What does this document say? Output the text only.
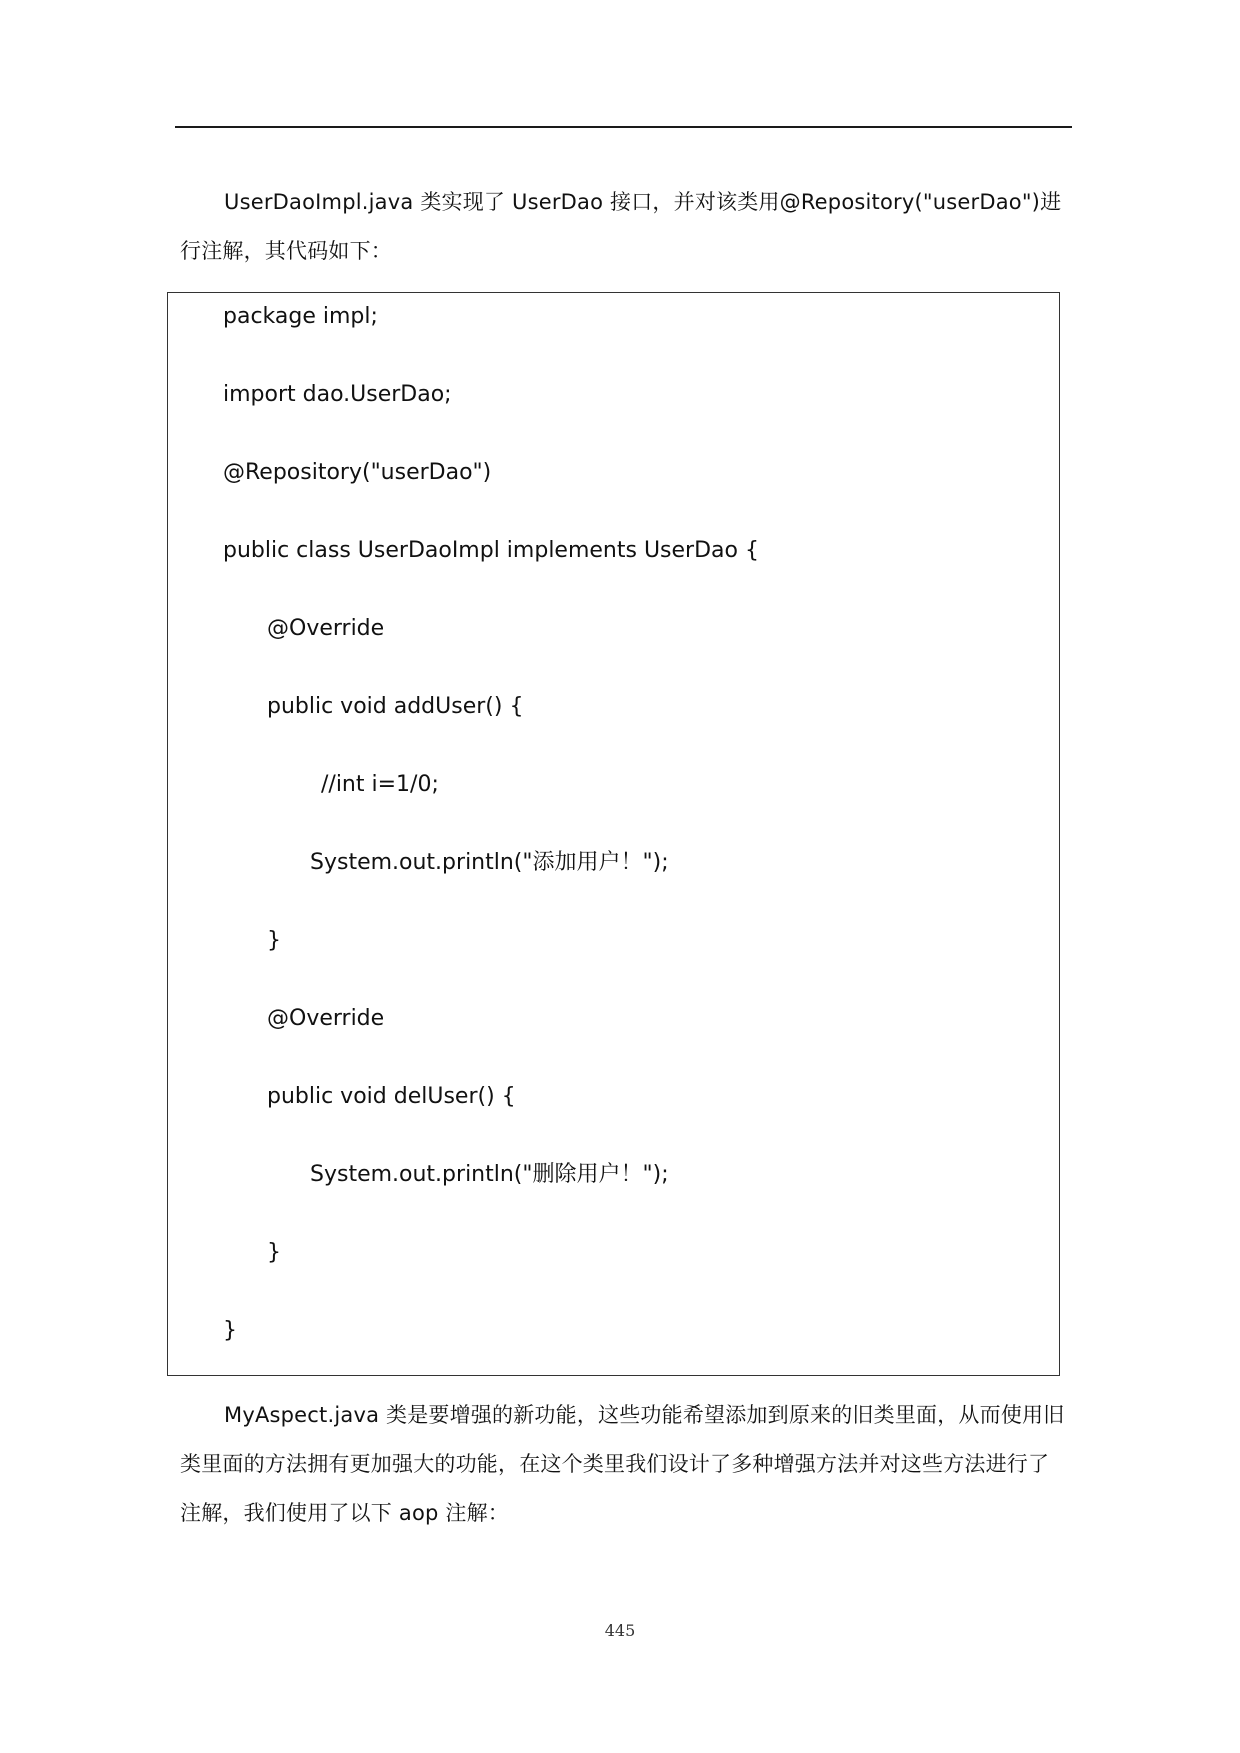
UserDaoImpl.java 类实现了 UserDao 接口，并对该类用@Repository("userDao")进行注解，其代码如下：

package impl;
import dao.UserDao;
@Repository("userDao")
public class UserDaoImpl implements UserDao {
@Override
public void addUser() {
//int i=1/0;
System.out.println("添加用户！");
}
@Override
public void delUser() {
System.out.println("删除用户！");
}
}

MyAspect.java 类是要增强的新功能，这些功能希望添加到原来的旧类里面，从而使用旧类里面的方法拥有更加强大的功能，在这个类里我们设计了多种增强方法并对这些方法进行了注解，我们使用了以下 aop 注解：

445
